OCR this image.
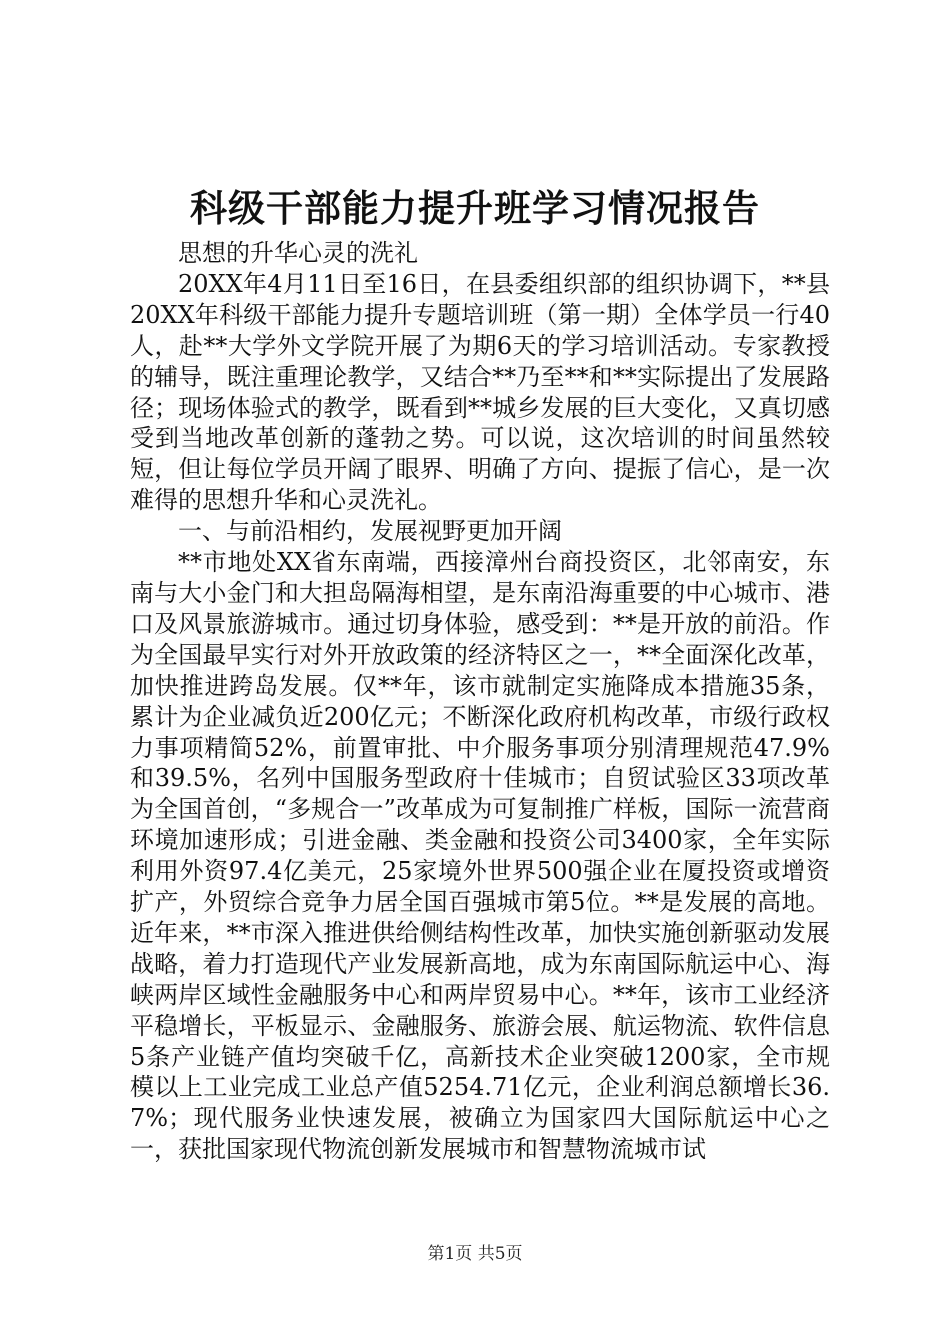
科级干部能力提升班学习情况报告

思想的升华心灵的洗礼

20XX年4月11日至16日，在县委组织部的组织协调下，**县20XX年科级干部能力提升专题培训班（第一期）全体学员一行40人，赴**大学外文学院开展了为期6天的学习培训活动。专家教授的辅导，既注重理论教学，又结合**乃至**和**实际提出了发展路径；现场体验式的教学，既看到**城乡发展的巨大变化，又真切感受到当地改革创新的蓬勃之势。可以说，这次培训的时间虽然较短，但让每位学员开阔了眼界、明确了方向、提振了信心，是一次难得的思想升华和心灵洗礼。

一、与前沿相约，发展视野更加开阔

**市地处XX省东南端，西接漳州台商投资区，北邻南安，东南与大小金门和大担岛隔海相望，是东南沿海重要的中心城市、港口及风景旅游城市。通过切身体验，感受到：**是开放的前沿。作为全国最早实行对外开放政策的经济特区之一，**全面深化改革，加快推进跨岛发展。仅**年，该市就制定实施降成本措施35条，累计为企业减负近200亿元；不断深化政府机构改革，市级行政权力事项精简52%，前置审批、中介服务事项分别清理规范47.9%和39.5%，名列中国服务型政府十佳城市；自贸试验区33项改革为全国首创，“多规合一”改革成为可复制推广样板，国际一流营商环境加速形成；引进金融、类金融和投资公司3400家，全年实际利用外资97.4亿美元，25家境外世界500强企业在厦投资或增资扩产，外贸综合竞争力居全国百强城市第5位。**是发展的高地。近年来，**市深入推进供给侧结构性改革，加快实施创新驱动发展战略，着力打造现代产业发展新高地，成为东南国际航运中心、海峡两岸区域性金融服务中心和两岸贸易中心。**年，该市工业经济平稳增长，平板显示、金融服务、旅游会展、航运物流、软件信息5条产业链产值均突破千亿，高新技术企业突破1200家，全市规模以上工业完成工业总产值5254.71亿元，企业利润总额增长36.7%；现代服务业快速发展，被确立为国家四大国际航运中心之一，获批国家现代物流创新发展城市和智慧物流城市试

第1页 共5页
